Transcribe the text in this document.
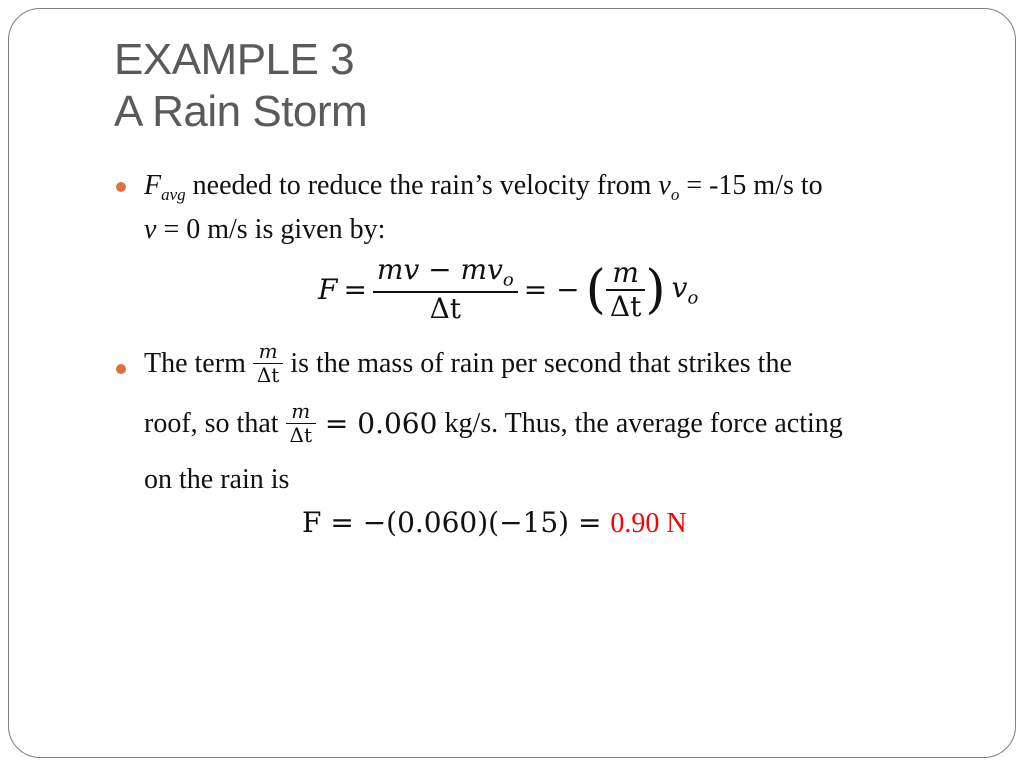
EXAMPLE 3
A Rain Storm
$F_{avg}$ needed to reduce the rain’s velocity from $v_o = -15$ m/s to
v = 0 m/s is given by:
$F = \frac{mv - mv_o}{\Delta t}$ = − ( $\frac{m}{\Delta t}$ ) $v_o$
The term $\frac{m}{\Delta t}$ is the mass of rain per second that strikes the
roof, so that $\frac{m}{\Delta t} = 0.060$ kg/s. Thus, the average force acting
on the rain is
F = −(0.060)(−15) = 0.90 N
